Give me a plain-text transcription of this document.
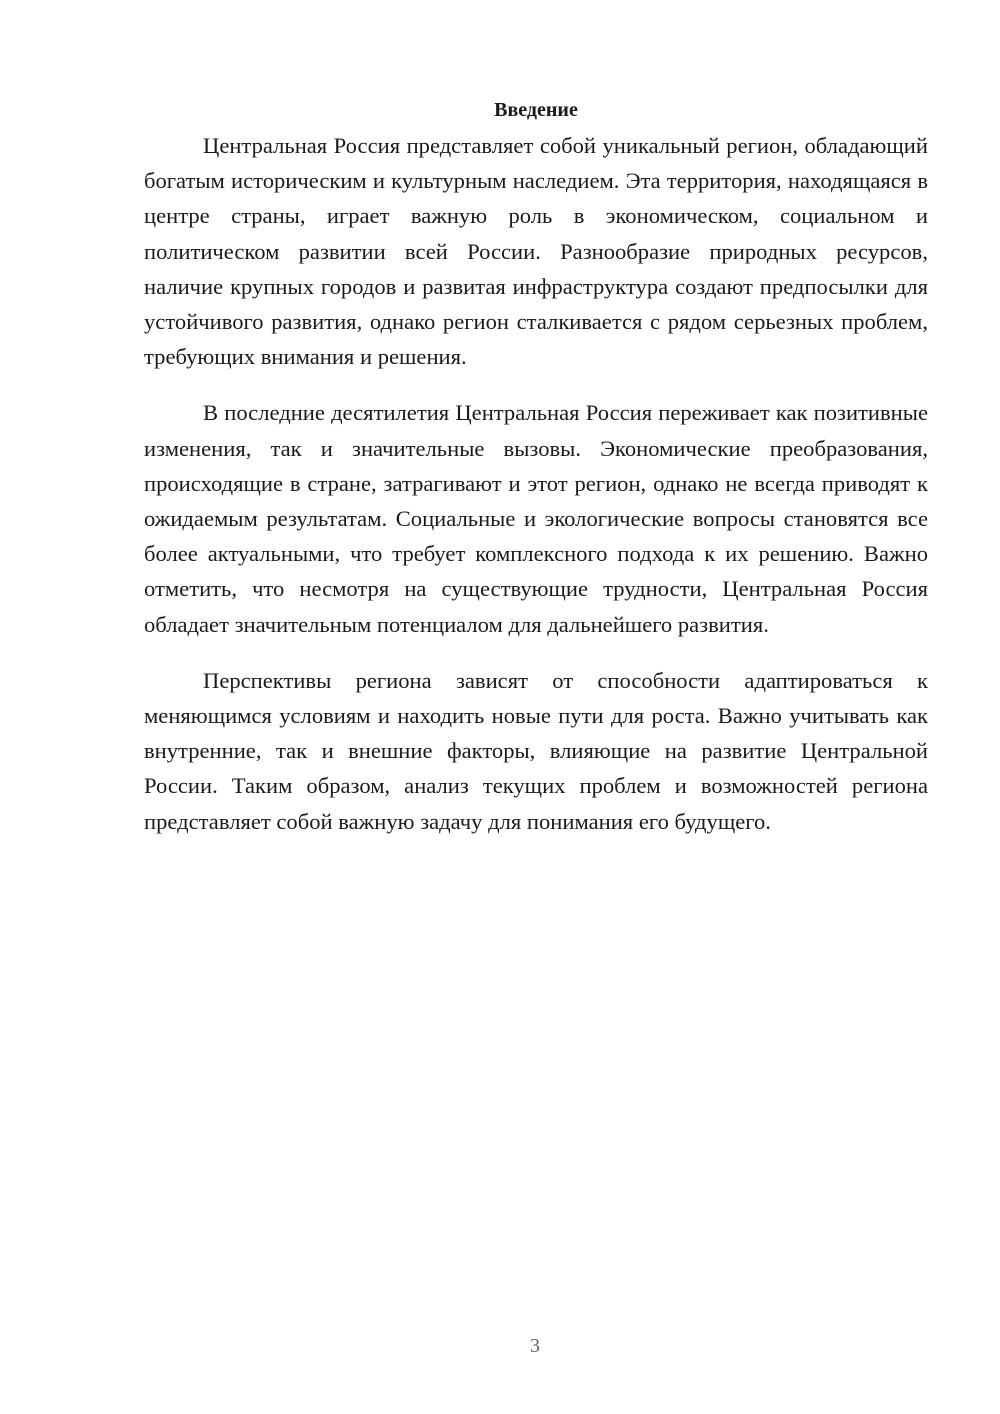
Введение

Центральная Россия представляет собой уникальный регион, обладающий богатым историческим и культурным наследием. Эта территория, находящаяся в центре страны, играет важную роль в экономическом, социальном и политическом развитии всей России. Разнообразие природных ресурсов, наличие крупных городов и развитая инфраструктура создают предпосылки для устойчивого развития, однако регион сталкивается с рядом серьезных проблем, требующих внимания и решения.

В последние десятилетия Центральная Россия переживает как позитивные изменения, так и значительные вызовы. Экономические преобразования, происходящие в стране, затрагивают и этот регион, однако не всегда приводят к ожидаемым результатам. Социальные и экологические вопросы становятся все более актуальными, что требует комплексного подхода к их решению. Важно отметить, что несмотря на существующие трудности, Центральная Россия обладает значительным потенциалом для дальнейшего развития.

Перспективы региона зависят от способности адаптироваться к меняющимся условиям и находить новые пути для роста. Важно учитывать как внутренние, так и внешние факторы, влияющие на развитие Центральной России. Таким образом, анализ текущих проблем и возможностей региона представляет собой важную задачу для понимания его будущего.

3
